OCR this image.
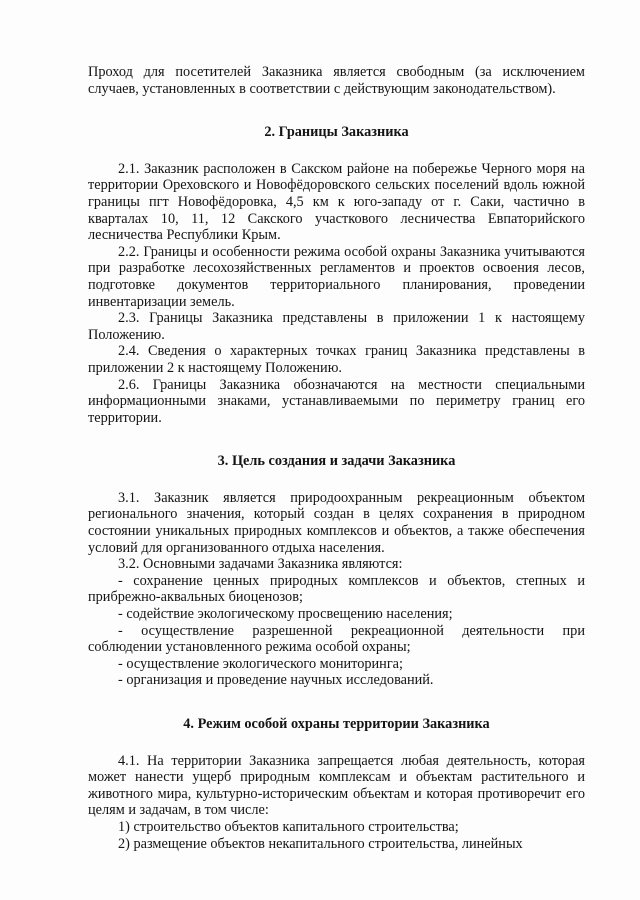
Проход для посетителей Заказника является свободным (за исключением случаев, установленных в соответствии с действующим законодательством).

2. Границы Заказника

2.1. Заказник расположен в Сакском районе на побережье Черного моря на территории Ореховского и Новофёдоровского сельских поселений вдоль южной границы пгт Новофёдоровка, 4,5 км к юго-западу от г. Саки, частично в кварталах 10, 11, 12 Сакского участкового лесничества Евпаторийского лесничества Республики Крым.

2.2. Границы и особенности режима особой охраны Заказника учитываются при разработке лесохозяйственных регламентов и проектов освоения лесов, подготовке документов территориального планирования, проведении инвентаризации земель.

2.3. Границы Заказника представлены в приложении 1 к настоящему Положению.

2.4. Сведения о характерных точках границ Заказника представлены в приложении 2 к настоящему Положению.

2.6. Границы Заказника обозначаются на местности специальными информационными знаками, устанавливаемыми по периметру границ его территории.

3. Цель создания и задачи Заказника

3.1. Заказник является природоохранным рекреационным объектом регионального значения, который создан в целях сохранения в природном состоянии уникальных природных комплексов и объектов, а также обеспечения условий для организованного отдыха населения.

3.2. Основными задачами Заказника являются:

- сохранение ценных природных комплексов и объектов, степных и прибрежно-аквальных биоценозов;

- содействие экологическому просвещению населения;

- осуществление разрешенной рекреационной деятельности при соблюдении установленного режима особой охраны;

- осуществление экологического мониторинга;

- организация и проведение научных исследований.

4. Режим особой охраны территории Заказника

4.1. На территории Заказника запрещается любая деятельность, которая может нанести ущерб природным комплексам и объектам растительного и животного мира, культурно-историческим объектам и которая противоречит его целям и задачам, в том числе:

1) строительство объектов капитального строительства;

2) размещение объектов некапитального строительства, линейных
